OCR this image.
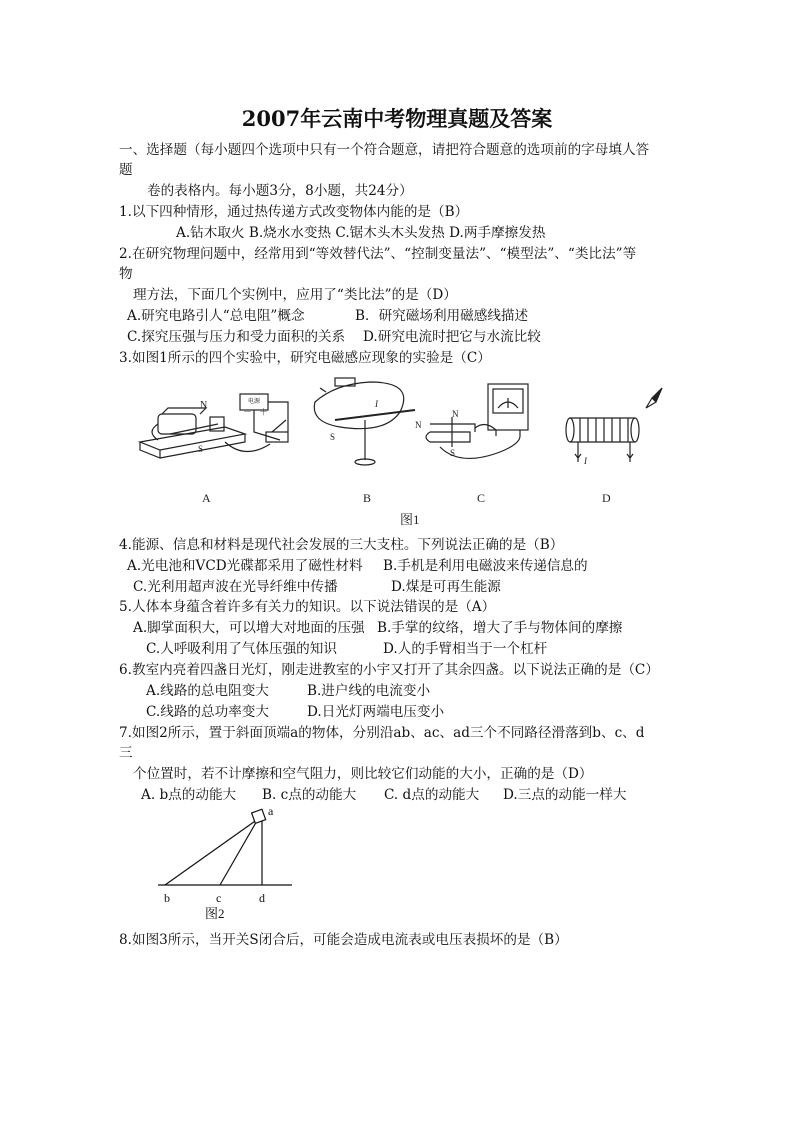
2007年云南中考物理真题及答案
一、选择题（每小题四个选项中只有一个符合题意，请把符合题意的选项前的字母填人答
题
卷的表格内。每小题3分，8小题，共24分）
1.以下四种情形，通过热传递方式改变物体内能的是（B）
A.钻木取火 B.烧水水变热 C.锯木头木头发热 D.两手摩擦发热
2.在研究物理问题中，经常用到“等效替代法”、“控制变量法”、“模型法”、“类比法”等
物
理方法，下面几个实例中，应用了“类比法”的是（D）
A.研究电路引人“总电阻”概念	B．研究磁场利用磁感线描述
C.探究压强与压力和受力面积的关系 D.研究电流时把它与水流比较
3.如图1所示的四个实验中，研究电磁感应现象的实验是（C）
电源
－ ＋
N
S
I
S
N
N
S
I
A	B	C	D
图1
4.能源、信息和材料是现代社会发展的三大支柱。下列说法正确的是（B）
A.光电池和VCD光碟都采用了磁性材料 B.手机是利用电磁波来传递信息的
C.光利用超声波在光导纤维中传播	D.煤是可再生能源
5.人体本身蕴含着许多有关力的知识。以下说法错误的是（A）
A.脚掌面积大，可以增大对地面的压强 B.手掌的纹络，增大了手与物体间的摩擦
C.人呼吸利用了气体压强的知识	D.人的手臂相当于一个杠杆
6.教室内亮着四盏日光灯，刚走进教室的小宇又打开了其余四盏。以下说法正确的是（C）
A.线路的总电阻变大	B.进户线的电流变小
C.线路的总功率变大	D.日光灯两端电压变小
7.如图2所示，置于斜面顶端a的物体，分别沿ab、ac、ad三个不同路径滑落到b、c、d
三
个位置时，若不计摩擦和空气阻力，则比较它们动能的大小，正确的是（D）
A. b点的动能大 B. c点的动能大 C. d点的动能大 D.三点的动能一样大
a
b	c	d
图2
8.如图3所示，当开关S闭合后，可能会造成电流表或电压表损坏的是（B）
